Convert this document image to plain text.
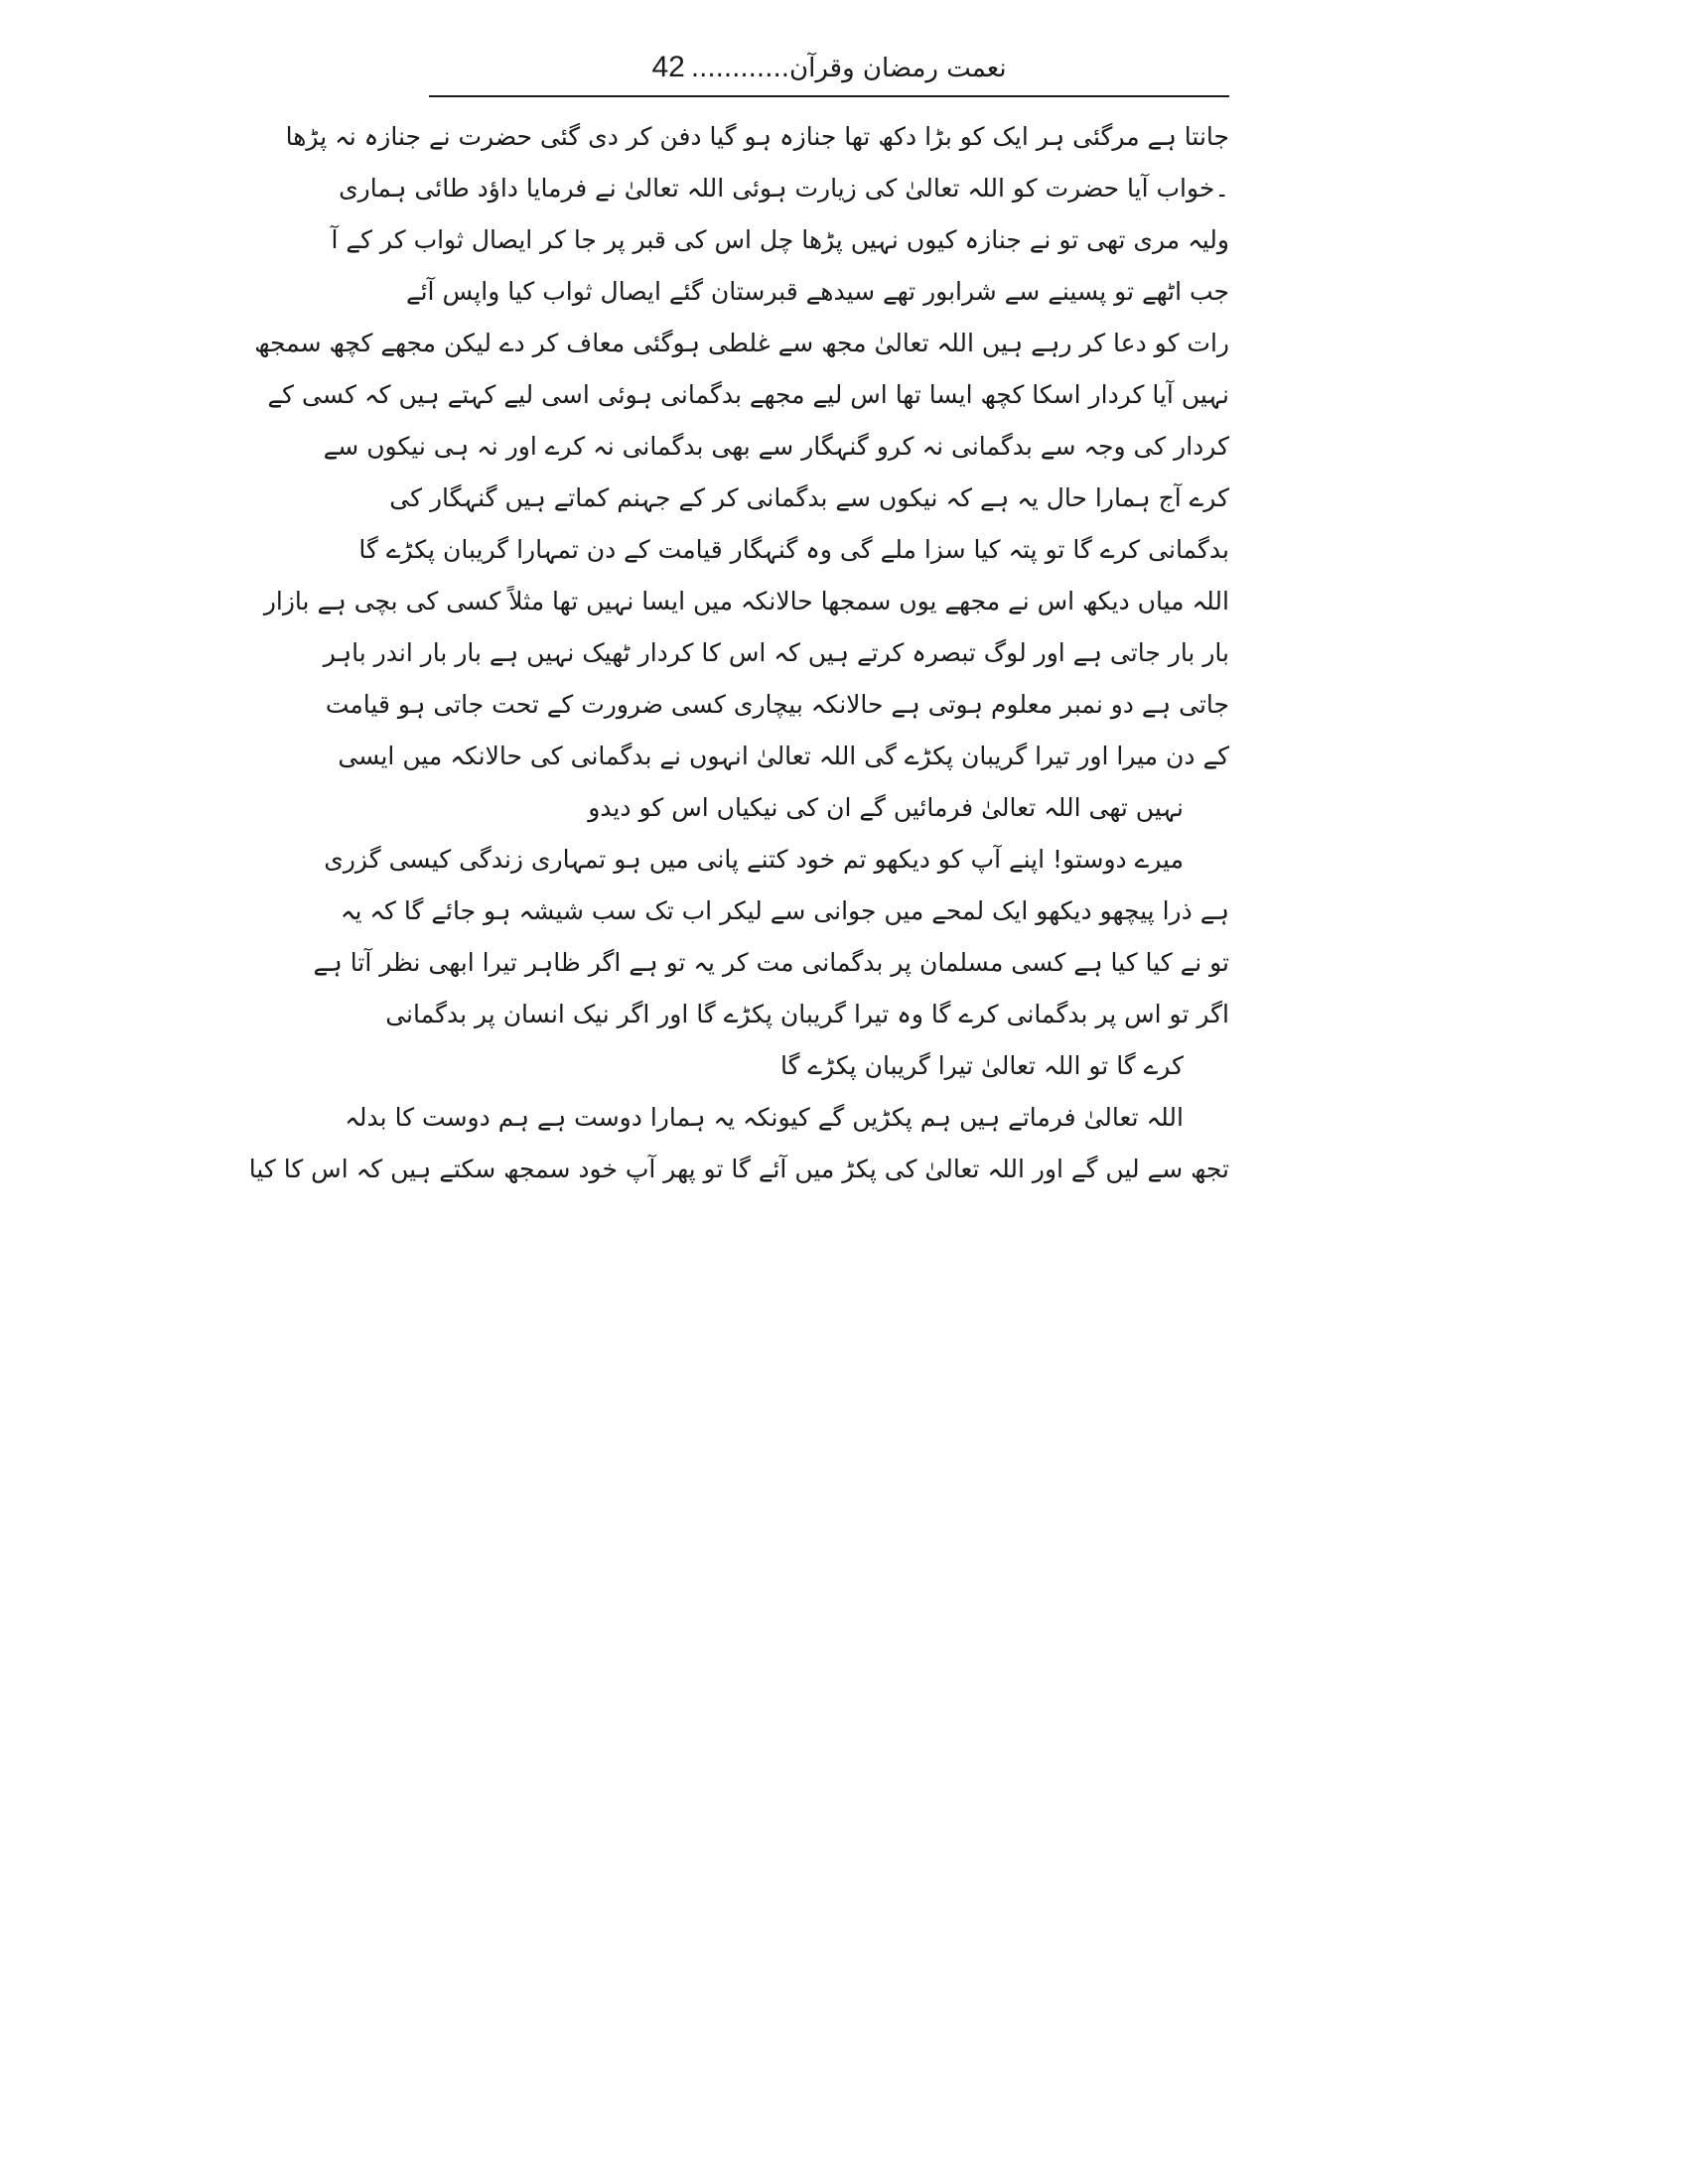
نعمت رمضان وقرآن............42
جانتا ہے مرگئی ہر ایک کو بڑا دکھ تھا جنازہ ہو گیا دفن کر دی گئی حضرت نے جنازہ نہ پڑھا
۔خواب آیا حضرت کو اللہ تعالیٰ کی زیارت ہوئی اللہ تعالیٰ نے فرمایا داؤد طائی ہماری
ولیہ مری تھی تو نے جنازہ کیوں نہیں پڑھا چل اس کی قبر پر جا کر ایصال ثواب کر کے آ
جب اٹھے تو پسینے سے شرابور تھے سیدھے قبرستان گئے ایصال ثواب کیا واپس آئے
رات کو دعا کر رہے ہیں اللہ تعالیٰ مجھ سے غلطی ہوگئی معاف کر دے لیکن مجھے کچھ سمجھ
نہیں آیا کردار اسکا کچھ ایسا تھا اس لیے مجھے بدگمانی ہوئی اسی لیے کہتے ہیں کہ کسی کے
کردار کی وجہ سے بدگمانی نہ کرو گنہگار سے بھی بدگمانی نہ کرے اور نہ ہی نیکوں سے
کرے آج ہمارا حال یہ ہے کہ نیکوں سے بدگمانی کر کے جہنم کماتے ہیں گنہگار کی
بدگمانی کرے گا تو پتہ کیا سزا ملے گی وہ گنہگار قیامت کے دن تمہارا گریبان پکڑے گا
اللہ میاں دیکھ اس نے مجھے یوں سمجھا حالانکہ میں ایسا نہیں تھا مثلاً کسی کی بچی ہے بازار
بار بار جاتی ہے اور لوگ تبصرہ کرتے ہیں کہ اس کا کردار ٹھیک نہیں ہے بار بار اندر باہر
جاتی ہے دو نمبر معلوم ہوتی ہے حالانکہ بیچاری کسی ضرورت کے تحت جاتی ہو قیامت
کے دن میرا اور تیرا گریبان پکڑے گی اللہ تعالیٰ انہوں نے بدگمانی کی حالانکہ میں ایسی
نہیں تھی اللہ تعالیٰ فرمائیں گے ان کی نیکیاں اس کو دیدو
میرے دوستو! اپنے آپ کو دیکھو تم خود کتنے پانی میں ہو تمہاری زندگی کیسی گزری
ہے ذرا پیچھو دیکھو ایک لمحے میں جوانی سے لیکر اب تک سب شیشہ ہو جائے گا کہ یہ
تو نے کیا کیا ہے کسی مسلمان پر بدگمانی مت کر یہ تو ہے اگر ظاہر تیرا ابھی نظر آتا ہے
اگر تو اس پر بدگمانی کرے گا وہ تیرا گریبان پکڑے گا اور اگر نیک انسان پر بدگمانی
کرے گا تو اللہ تعالیٰ تیرا گریبان پکڑے گا
اللہ تعالیٰ فرماتے ہیں ہم پکڑیں گے کیونکہ یہ ہمارا دوست ہے ہم دوست کا بدلہ
تجھ سے لیں گے اور اللہ تعالیٰ کی پکڑ میں آئے گا تو پھر آپ خود سمجھ سکتے ہیں کہ اس کا کیا
